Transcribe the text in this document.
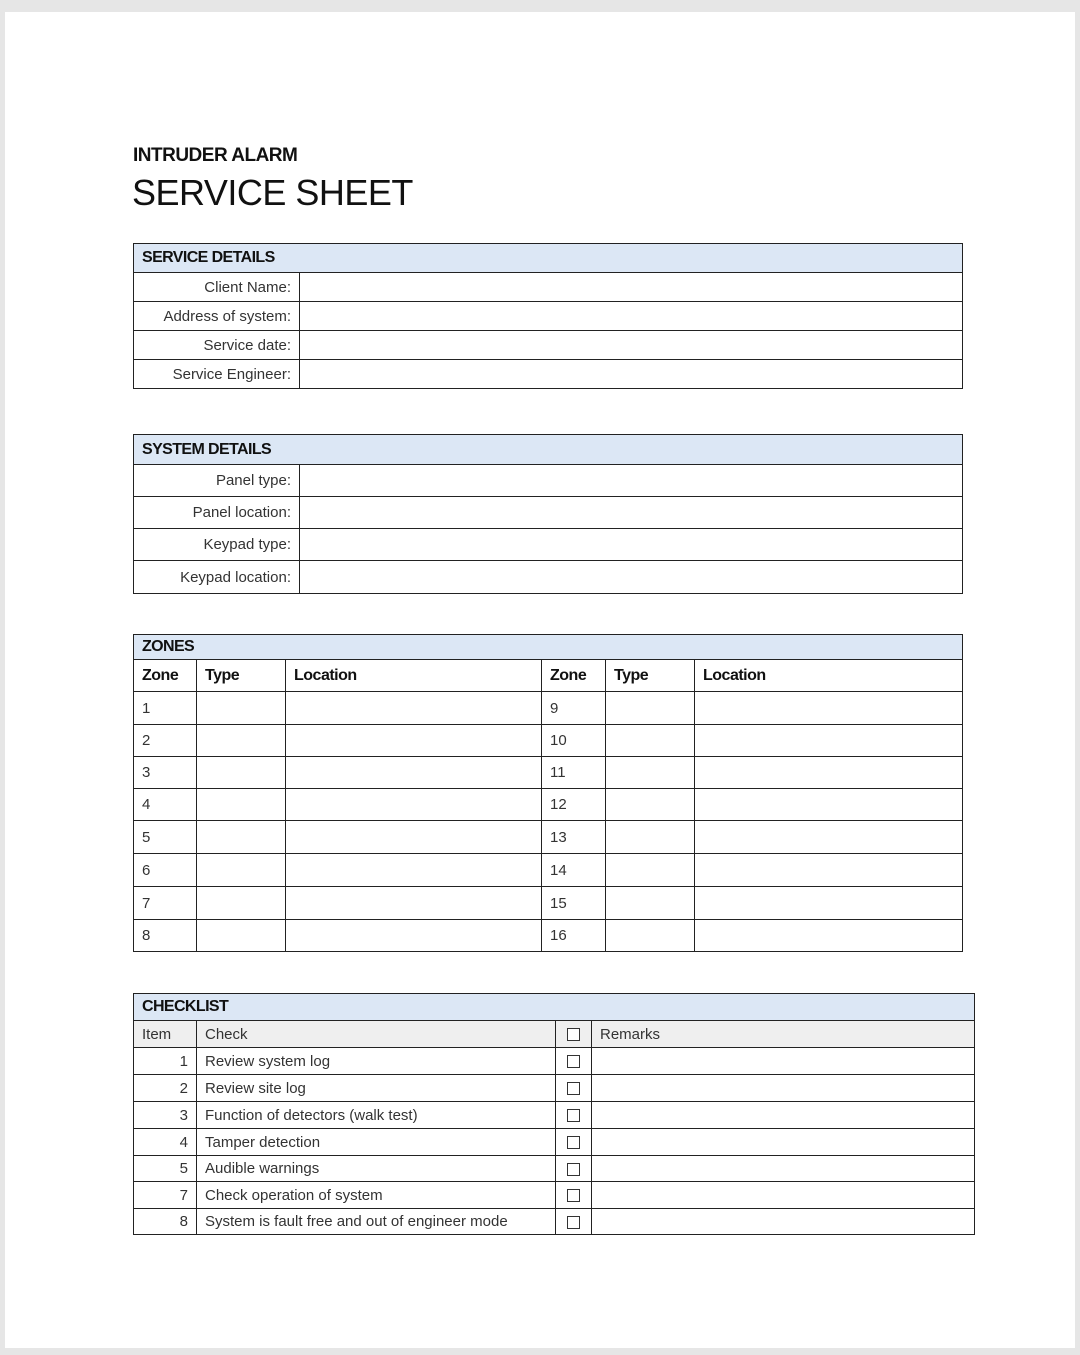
INTRUDER ALARM
SERVICE SHEET
SERVICE DETAILS	
Client Name:	
Address of system:	
Service date:	
Service Engineer:	
SYSTEM DETAILS	
Panel type:	
Panel location:	
Keypad type:	
Keypad location:	
ZONES					
Zone	Type	Location	Zone	Type	Location
1			9		
2			10		
3			11		
4			12		
5			13		
6			14		
7			15		
8			16		
CHECKLIST			
Item	Check		Remarks
1	Review system log		
2	Review site log		
3	Function of detectors (walk test)		
4	Tamper detection		
5	Audible warnings		
7	Check operation of system		
8	System is fault free and out of engineer mode		
